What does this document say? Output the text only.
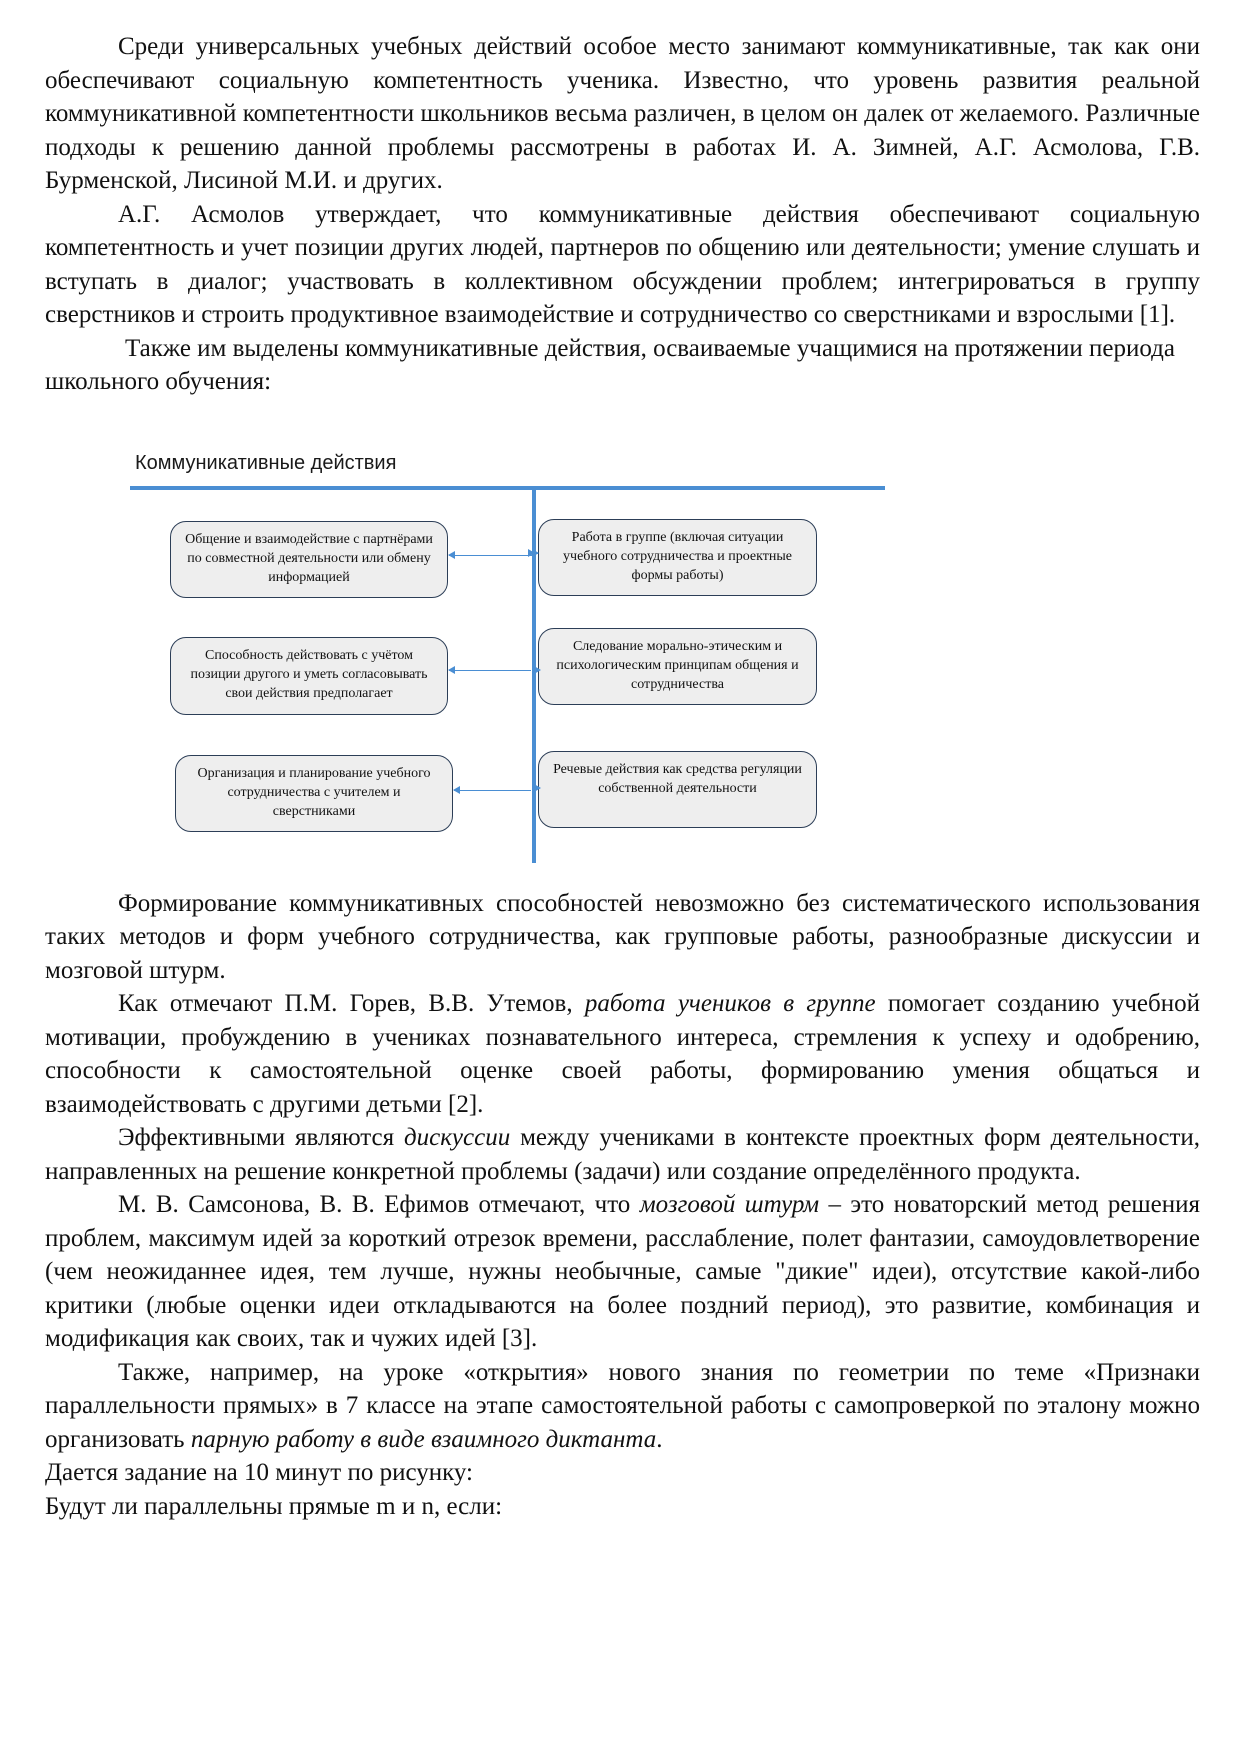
Среди универсальных учебных действий особое место занимают коммуникативные, так как они обеспечивают социальную компетентность ученика. Известно, что уровень развития реальной коммуникативной компетентности школьников весьма различен, в целом он далек от желаемого. Различные подходы к решению данной проблемы рассмотрены в работах И. А. Зимней, А.Г. Асмолова, Г.В. Бурменской, Лисиной М.И. и других.

А.Г. Асмолов утверждает, что коммуникативные действия обеспечивают социальную компетентность и учет позиции других людей, партнеров по общению или деятельности; умение слушать и вступать в диалог; участвовать в коллективном обсуждении проблем; интегрироваться в группу сверстников и строить продуктивное взаимодействие и сотрудничество со сверстниками и взрослыми [1].

Также им выделены коммуникативные действия, осваиваемые учащимися на протяжении периода школьного обучения:

Коммуникативные действия
Общение и взаимодействие с партнёрами по совместной деятельности или обмену информацией
Способность действовать с учётом позиции другого и уметь согласовывать свои действия предполагает
Организация и планирование учебного сотрудничества с учителем и сверстниками
Работа в группе (включая ситуации учебного сотрудничества и проектные формы работы)
Следование морально-этическим и психологическим принципам общения и сотрудничества
Речевые действия как средства регуляции собственной деятельности

Формирование коммуникативных способностей невозможно без систематического использования таких методов и форм учебного сотрудничества, как групповые работы, разнообразные дискуссии и мозговой штурм.

Как отмечают П.М. Горев, В.В. Утемов, работа учеников в группе помогает созданию учебной мотивации, пробуждению в учениках познавательного интереса, стремления к успеху и одобрению, способности к самостоятельной оценке своей работы, формированию умения общаться и взаимодействовать с другими детьми [2].

Эффективными являются дискуссии между учениками в контексте проектных форм деятельности, направленных на решение конкретной проблемы (задачи) или создание определённого продукта.

М. В. Самсонова, В. В. Ефимов отмечают, что мозговой штурм – это новаторский метод решения проблем, максимум идей за короткий отрезок времени, расслабление, полет фантазии, самоудовлетворение (чем неожиданнее идея, тем лучше, нужны необычные, самые "дикие" идеи), отсутствие какой-либо критики (любые оценки идеи откладываются на более поздний период), это развитие, комбинация и модификация как своих, так и чужих идей [3].

Также, например, на уроке «открытия» нового знания по геометрии по теме «Признаки параллельности прямых» в 7 классе на этапе самостоятельной работы с самопроверкой по эталону можно организовать парную работу в виде взаимного диктанта.

Дается задание на 10 минут по рисунку:

Будут ли параллельны прямые m и n, если:
